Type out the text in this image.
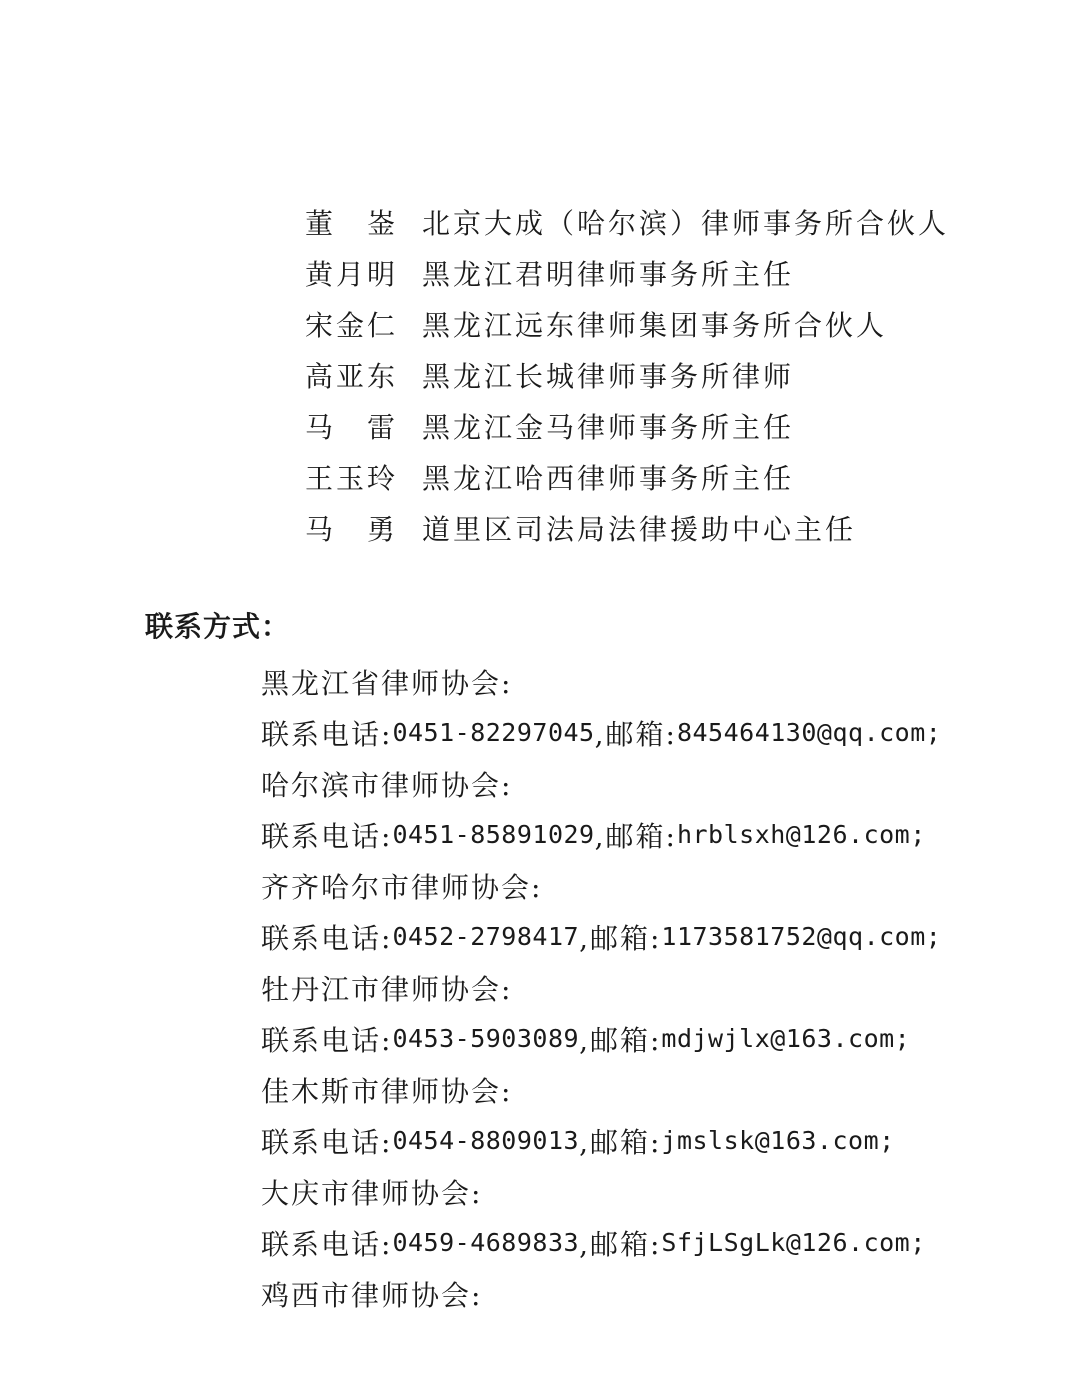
董　崟 北京大成（哈尔滨）律师事务所合伙人
黄月明 黑龙江君明律师事务所主任
宋金仁 黑龙江远东律师集团事务所合伙人
高亚东 黑龙江长城律师事务所律师
马　雷 黑龙江金马律师事务所主任
王玉玲 黑龙江哈西律师事务所主任
马　勇 道里区司法局法律援助中心主任
联系方式：
黑龙江省律师协会:
联系电话: 0451-82297045 ,邮箱: 845464130@qq.com;
哈尔滨市律师协会:
联系电话: 0451-85891029 ,邮箱: hrblsxh@126.com;
齐齐哈尔市律师协会:
联系电话: 0452-2798417 ,邮箱: 1173581752@qq.com;
牡丹江市律师协会:
联系电话: 0453-5903089 ,邮箱: mdjwjlx@163.com;
佳木斯市律师协会:
联系电话: 0454-8809013 ,邮箱: jmslsk@163.com;
大庆市律师协会:
联系电话: 0459-4689833 ,邮箱: SfjLSgLk@126.com;
鸡西市律师协会:
